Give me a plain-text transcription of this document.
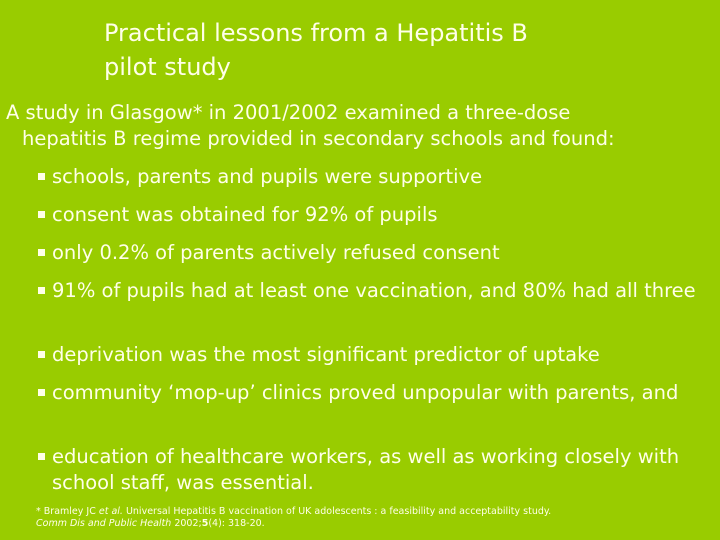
Practical lessons from a Hepatitis B
pilot study
A study in Glasgow* in 2001/2002 examined a three-dose
hepatitis B regime provided in secondary schools and found:
schools, parents and pupils were supportive
consent was obtained for 92% of pupils
only 0.2% of parents actively refused consent
91% of pupils had at least one vaccination, and 80% had all three
deprivation was the most significant predictor of uptake
community ‘mop-up’ clinics proved unpopular with parents, and
education of healthcare workers, as well as working closely with school staff, was essential.
* Bramley JC et al. Universal Hepatitis B vaccination of UK adolescents : a feasibility and acceptability study.
Comm Dis and Public Health 2002;5(4): 318-20.
